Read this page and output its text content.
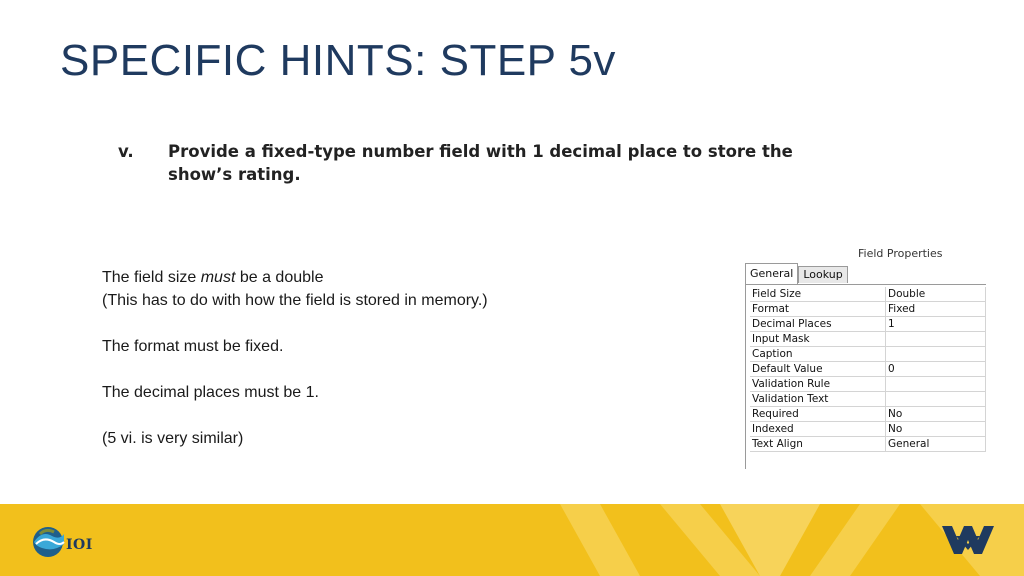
SPECIFIC HINTS: STEP 5v
v.	Provide a fixed-type number field with 1 decimal place to store the show’s rating.

The field size must be a double

(This has to do with how the field is stored in memory.)

The format must be fixed.

The decimal places must be 1.

(5 vi. is very similar)

Field Properties
General Lookup
Field Size	Double
Format	Fixed
Decimal Places	1
Input Mask	
Caption	
Default Value	0
Validation Rule	
Validation Text	
Required	No
Indexed	No
Text Align	General
IOI
